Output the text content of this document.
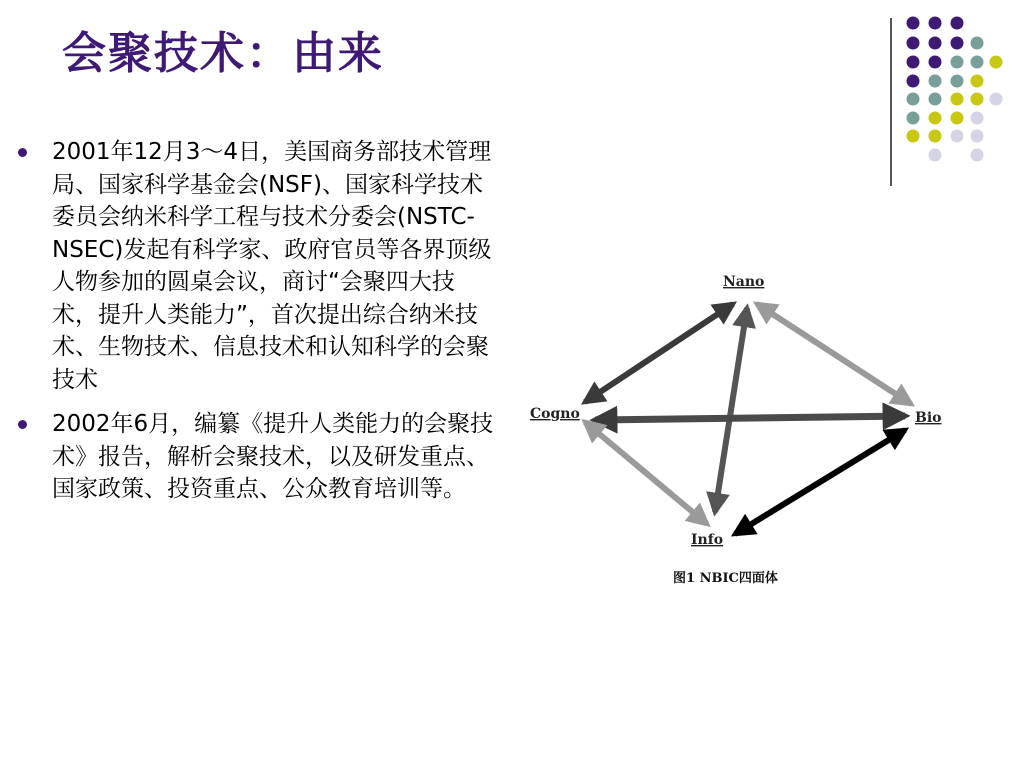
会聚技术：由来
2001年12月3～4日，美国商务部技术管理局、国家科学基金会(NSF)、国家科学技术委员会纳米科学工程与技术分委会(NSTC-NSEC)发起有科学家、政府官员等各界顶级人物参加的圆桌会议，商讨“会聚四大技术，提升人类能力”，首次提出综合纳米技术、生物技术、信息技术和认知科学的会聚技术
2002年6月，编纂《提升人类能力的会聚技术》报告，解析会聚技术，以及研发重点、国家政策、投资重点、公众教育培训等。
Nano
Bio
Cogno
Info
图1 NBIC四面体
